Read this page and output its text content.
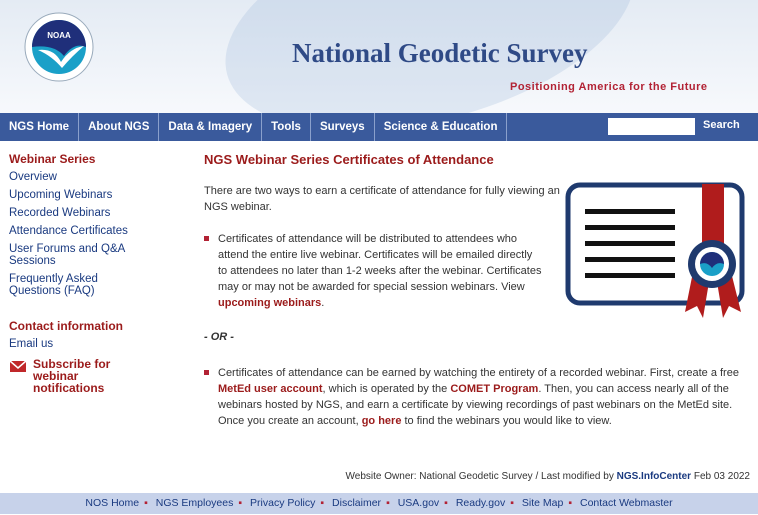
NOAA
National Geodetic Survey
Positioning America for the Future
NGS Home	About NGS	Data & Imagery	Tools	Surveys	Science & Education	Search
Webinar Series
Overview
Upcoming Webinars
Recorded Webinars
Attendance Certificates
User Forums and Q&A Sessions
Frequently Asked Questions (FAQ)
Contact information
Email us
Subscribe for webinar notifications
NGS Webinar Series Certificates of Attendance

There are two ways to earn a certificate of attendance for fully viewing an NGS webinar.

Certificates of attendance will be distributed to attendees who attend the entire live webinar. Certificates will be emailed directly to attendees no later than 1-2 weeks after the webinar. Certificates may or may not be awarded for special session webinars. View upcoming webinars.

- OR -

Certificates of attendance can be earned by watching the entirety of a recorded webinar. First, create a free MetEd user account, which is operated by the COMET Program. Then, you can access nearly all of the webinars hosted by NGS, and earn a certificate by viewing recordings of past webinars on the MetEd site. Once you create an account, go here to find the webinars you would like to view.
Website Owner: National Geodetic Survey / Last modified by NGS.InfoCenter Feb 03 2022
NOS Home ▪ NGS Employees ▪ Privacy Policy ▪ Disclaimer ▪ USA.gov ▪ Ready.gov ▪ Site Map ▪ Contact Webmaster
